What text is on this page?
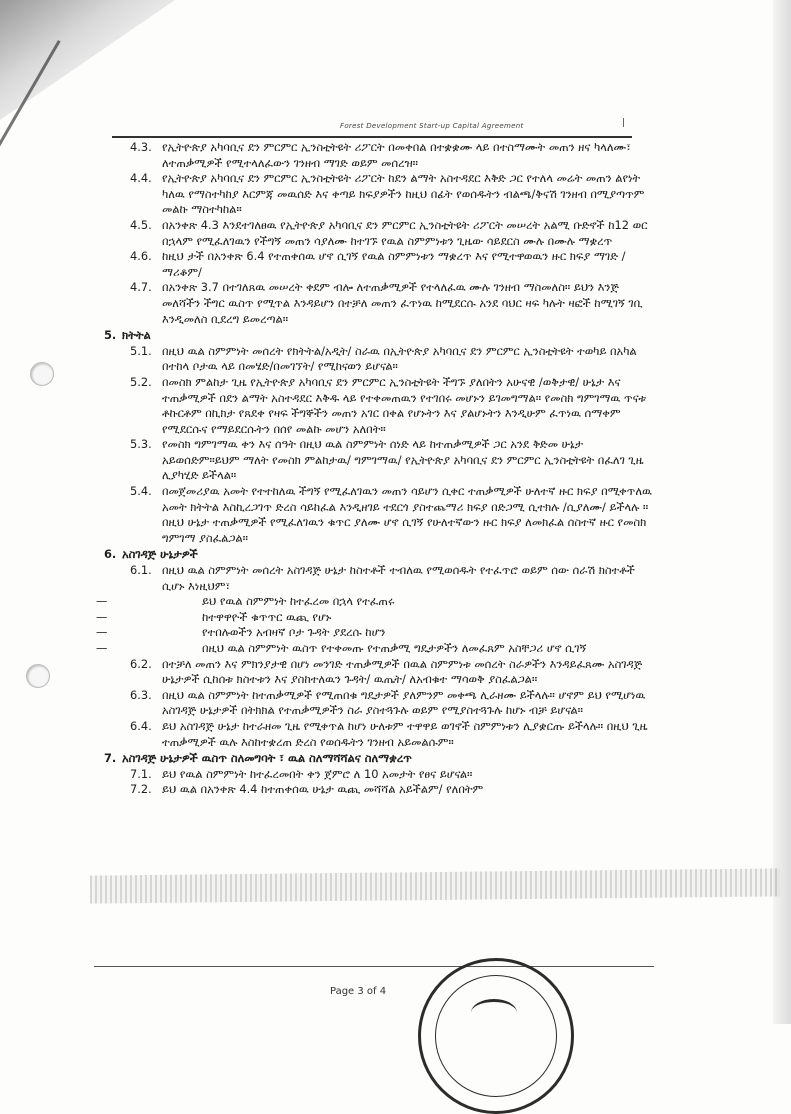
Forest Development Start-up Capital Agreement	|
4.3. የኢትዮጵያ አካባቢና ደን ምርምር ኢንስቲትዩት ሪፖርት በመቀበል በተቋቋሙ ላይ በተስማሙት መጠን ዘና ካላለሙ፣ ለተጠቃሚዎች የሚተላለፈውን ገንዘብ ማገድ ወይም መሰረዝ።
4.4. የኢትዮጵያ አካባቢና ደን ምርምር ኢንስቲትዩት ሪፖርት ከደን ልማት አስተዳደር እቅድ ጋር የተለላ መሬት መጠን ልየነት ካለዉ የማስተካከያ እርምጃ መዉሰድ እና ቀጣይ ክፍያዎችን ከዚህ በፊት የወሰዱትን ብልጫ/ቅናሽ ገንዘብ በሚያጣጥም መልኩ ማስተካከል።
4.5. በአንቀጽ 4.3 እንደተገለፀዉ የኢትዮጵያ አካባቢና ደን ምርምር ኢንስቲትዩት ሪፖርት መሠረት አልሚ ቡድኖች ከ12 ወር በኋላም የሚፈለገዉን የችግኝ መጠን ሳያለሙ ከተገኙ የዉል ስምምነቱን ጊዜው ሳይደርስ ሙሉ በሙሉ ማቋረጥ
4.6. ከዚህ ታች በአንቀጽ 6.4 የተጠቀሰዉ ሆኖ ሲገኝ የዉል ስምምነቱን ማቋረጥ እና የሚተዋወዉን ዙር ክፍያ ማገድ /ማሪቆም/
4.7. በአንቀጽ 3.7 በተገለጸዉ መሠረት ቀደም ብሎ ለተጠቃሚዎች የተላለፈዉ ሙሉ ገንዘብ ማስመለስ። ይህን እንጅ መለሻችን ችግር ዉስጥ የሚጥል እንዳይሆን በተቻለ መጠን ፈጥነዉ ከሚደርሱ አንደ ባህር ዛፍ ካሉት ዛፎች ከሚገኝ ገቢ እንዲመለስ ቢደረግ ይመረጣል።
5. ክትትል
5.1. በዚህ ዉል ስምምነት መሰረት የክትትል/አዲት/ ስራዉ በኢትዮጵያ አካባቢና ደን ምርምር ኢንስቲትዩት ተወካይ በአካል በተከላ ቦታዉ ላይ በመሄድ/በመገኘት/ የሚከናወን ይሆናል።
5.2. በመስክ ምልከታ ጊዜ የኢትዮጵያ አካባቢና ደን ምርምር ኢንስቲትዩት ችግኙ ያለበትን አሁናዊ /ወቅታዊ/ ሁኔታ እና ተጠቃሚዎች በደን ልማት አስተዳደር እቅዱ ላይ የተቀመጠዉን የተገበሩ መሆኑን ይገመግማል። የመስክ ግምገማዉ ጥናቱ ቶኩርቶም በኪክታ የጸደቀ የዛፍ ችግኞችን መጠን አገር በቀል የሆኑትን እና ያልሆኑትን እንዲሁም ፈጥነዉ ሰማቀም የሚደርሱና የማይደርሱትን በሰየ መልኩ መሆን አለበት።
5.3. የመስክ ግምገማዉ ቀን እና ሰዓት በዚህ ዉል ስምምነት ሰነድ ላይ ከተጠቃሚዎች ጋር አንደ ቅድመ ሁኔታ አይወሰድም።ይህም ማለት የመስክ ምልከታዉ/ ግምገማዉ/ የኢትዮጵያ አካባቢና ደን ምርምር ኢንስቲትዩት በፈለገ ጊዜ ሊያካሂድ ይችላል።
5.4. በመጀመሪያዉ አመት የተተከለዉ ችግኝ የሚፈለገዉን መጠን ሳይሆን ሲቀር ተጠቃሚዎች ሁለተኛ ዙር ክፍያ በሚቀጥለዉ አመት ክትትል እስኪረጋገጥ ድረስ ሳይከፈል እንዲዘገይ ተደርጎ ያስተጨማሪ ክፍያ በድጋሚ ሲተክሉ /ሲያለሙ/ ይችላሉ ። በዚህ ሁኔታ ተጠቃሚዎች የሚፈለገዉን ቁጥር ያለሙ ሆኖ ሲገኝ የሁለተኛውን ዙር ክፍያ ለመክፈል ሰስተኛ ዙር የመስክ ግምገማ ያስፈልጋል።
6. አስገዳጅ ሁኔታዎች
6.1. በዚህ ዉል ስምምነት መሰረት አስገዳጅ ሁኔታ ከስተቶች ተብለዉ የሚወሰዱት የተፈጥሮ ወይም ሰው ሰራሽ ክስተቶች ሲሆኑ እነዚህም፣
—	ይህ የዉል ስምምነት ከተፈረመ በኋላ የተፈጠሩ
—	ከተዋዋዮች ቁጥጥር ዉጪ የሆኑ
—	የተበሉወችን አብዛኛ ቦታ ጉዳት ያደረሱ ከሆን
—	በዚህ ዉል ስምምነት ዉስጥ የተቀመጡ የተጠቃሚ ግዴታዎችን ለመፈጸም አስቸጋሪ ሆኖ ሲገኝ
6.2. በተቻለ መጠን እና ምክንያታዊ በሆነ መንገድ ተጠቃሚዎች በዉል ስምምነቱ መሰረት ስራዎችን እንዳይፈጸሙ አስገዳጅ ሁኔታዎች ሲከሰቱ ክስተቱን እና ያስከተለዉን ጉዳት/ ዉጤት/ ለአብቁተ ማሳወቅ ያስፈልጋል።
6.3. በዚህ ዉል ስምምነት ከተጠቃሚዎች የሚጠበቁ ግዴታዎች ያለምንም መቀጫ ሊራዘሙ ይችላሉ። ሆኖም ይህ የሚሆነዉ አስገዳጅ ሁኔታዎች በትክክል የተጠቃሚዎችን ስራ ያስተጓጉሉ ወይም የሚያስተጓጉሉ ከሆኑ ብቻ ይሆናል።
6.4. ይህ አስገዳጅ ሁኔታ ከተራዘመ ጊዜ የሚቀጥል ከሆነ ሁለቱም ተዋዋይ ወገኖች ስምምነቱን ሊያቋርጡ ይችላሉ። በዚህ ጊዜ ተጠቃሚዎች ዉሉ እስከተቋረጠ ድረስ የወሰዱትን ገንዘብ አይመልሱም።
7. አስገዳጅ ሁኔታዎች ዉስጥ ስለመግባት ፣ ዉል ስለማሻሻልና ስለማቋረጥ
7.1. ይህ የዉል ስምምነት ከተፈረመበት ቀን ጀምሮ ለ 10 አመታት የፀና ይሆናል።
7.2. ይህ ዉል በአንቀጽ 4.4 ከተጠቀሰዉ ሁኔታ ዉጪ መሻሻል አይችልም/ የለበትም
Page 3 of 4
